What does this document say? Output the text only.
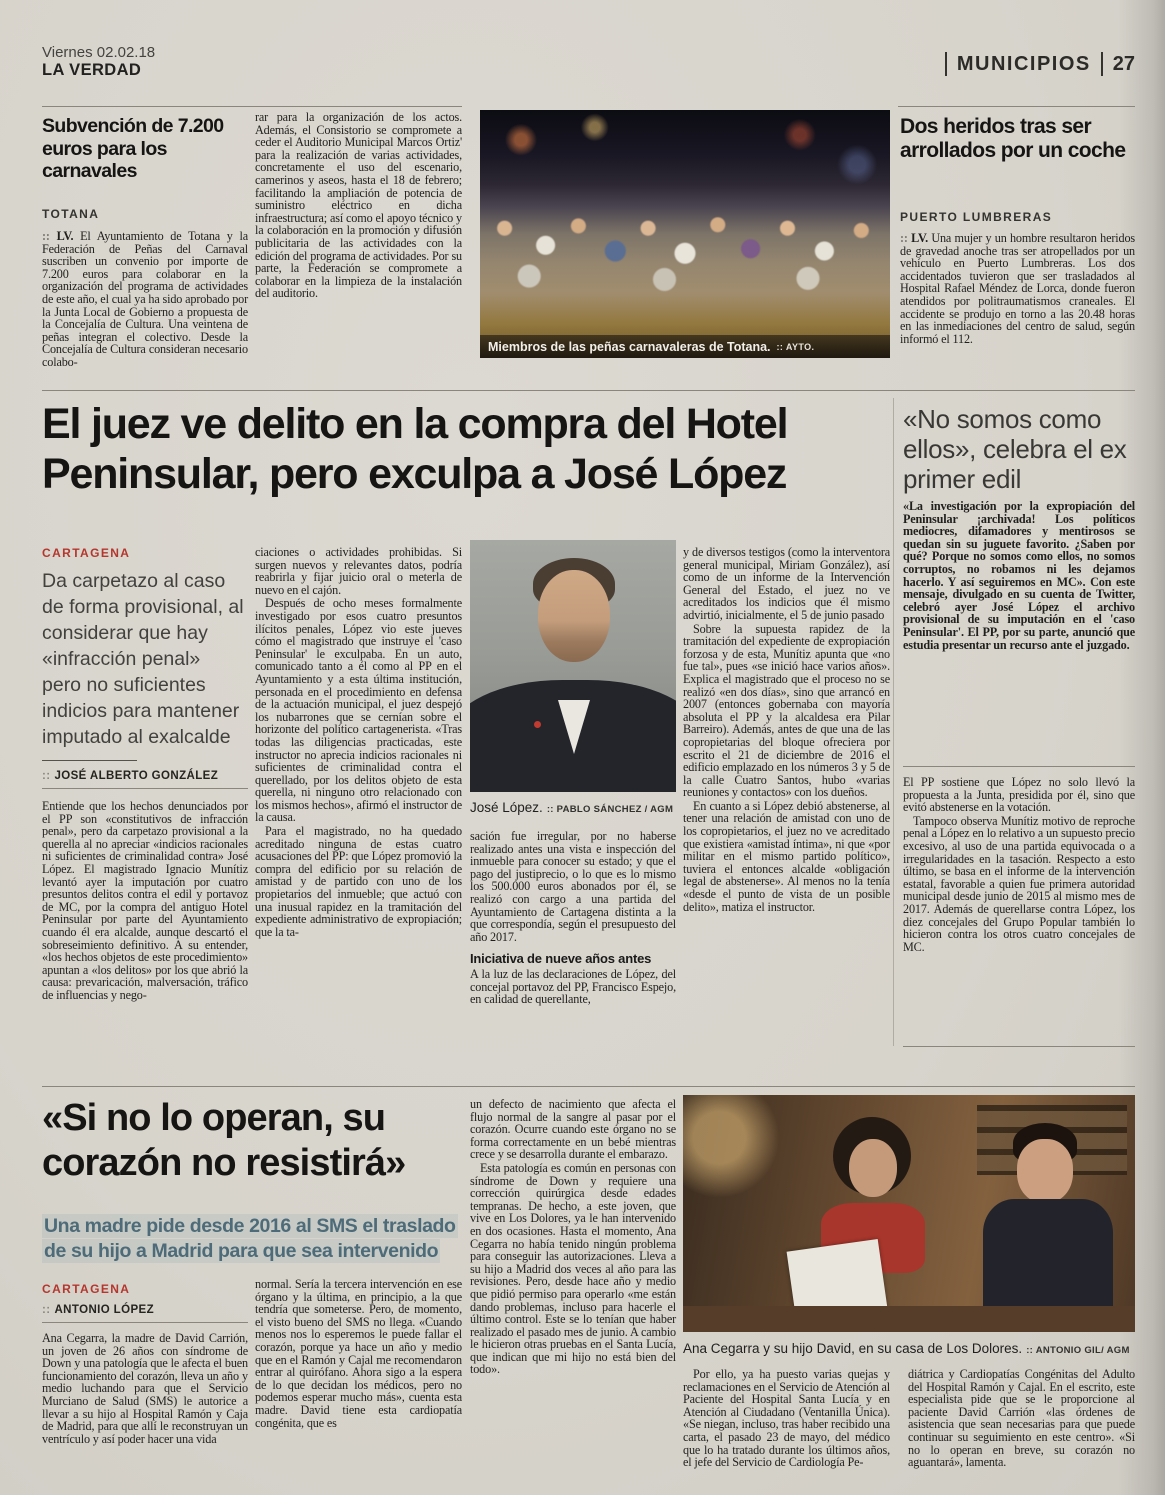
Viernes 02.02.18
LA VERDAD	MUNICIPIOS 27
Subvención de 7.200 euros para los carnavales
TOTANA

:: LV. El Ayuntamiento de Totana y la Federación de Peñas del Carnaval suscriben un convenio por importe de 7.200 euros para colaborar en la organización del programa de actividades de este año, el cual ya ha sido aprobado por la Junta Local de Gobierno a propuesta de la Concejalía de Cultura. Una veintena de peñas integran el colectivo. Desde la Concejalía de Cultura consideran necesario colabo-

rar para la organización de los actos. Además, el Consistorio se compromete a ceder el Auditorio Municipal Marcos Ortiz' para la realización de varias actividades, concretamente el uso del escenario, camerinos y aseos, hasta el 18 de febrero; facilitando la ampliación de potencia de suministro eléctrico en dicha infraestructura; así como el apoyo técnico y la colaboración en la promoción y difusión publicitaria de las actividades con la edición del programa de actividades. Por su parte, la Federación se compromete a colaborar en la limpieza de la instalación del auditorio.

Miembros de las peñas carnavaleras de Totana. :: AYTO.
Dos heridos tras ser arrollados por un coche
PUERTO LUMBRERAS

:: LV. Una mujer y un hombre resultaron heridos de gravedad anoche tras ser atropellados por un vehículo en Puerto Lumbreras. Los dos accidentados tuvieron que ser trasladados al Hospital Rafael Méndez de Lorca, donde fueron atendidos por politraumatismos craneales. El accidente se produjo en torno a las 20.48 horas en las inmediaciones del centro de salud, según informó el 112.

El juez ve delito en la compra del Hotel Peninsular, pero exculpa a José López
«No somos como ellos», celebra el ex primer edil

«La investigación por la expropiación del Peninsular ¡archivada! Los políticos mediocres, difamadores y mentirosos se quedan sin su juguete favorito. ¿Saben por qué? Porque no somos como ellos, no somos corruptos, no robamos ni les dejamos hacerlo. Y así seguiremos en MC». Con este mensaje, divulgado en su cuenta de Twitter, celebró ayer José López el archivo provisional de su imputación en el 'caso Peninsular'. El PP, por su parte, anunció que estudia presentar un recurso ante el juzgado.

El PP sostiene que López no solo llevó la propuesta a la Junta, presidida por él, sino que evitó abstenerse en la votación.

Tampoco observa Munítiz motivo de reproche penal a López en lo relativo a un supuesto precio excesivo, al uso de una partida equivocada o a irregularidades en la tasación. Respecto a esto último, se basa en el informe de la intervención estatal, favorable a quien fue primera autoridad municipal desde junio de 2015 al mismo mes de 2017. Además de querellarse contra López, los diez concejales del Grupo Popular también lo hicieron contra los otros cuatro concejales de MC.

CARTAGENA
Da carpetazo al caso de forma provisional, al considerar que hay «infracción penal» pero no suficientes indicios para mantener imputado al exalcalde
:: JOSÉ ALBERTO GONZÁLEZ

Entiende que los hechos denunciados por el PP son «constitutivos de infracción penal», pero da carpetazo provisional a la querella al no apreciar «indicios racionales ni suficientes de criminalidad contra» José López. El magistrado Ignacio Munítiz levantó ayer la imputación por cuatro presuntos delitos contra el edil y portavoz de MC, por la compra del antiguo Hotel Peninsular por parte del Ayuntamiento cuando él era alcalde, aunque descartó el sobreseimiento definitivo. A su entender, «los hechos objetos de este procedimiento» apuntan a «los delitos» por los que abrió la causa: prevaricación, malversación, tráfico de influencias y nego-

ciaciones o actividades prohibidas. Si surgen nuevos y relevantes datos, podría reabrirla y fijar juicio oral o meterla de nuevo en el cajón.

Después de ocho meses formalmente investigado por esos cuatro presuntos ilícitos penales, López vio este jueves cómo el magistrado que instruye el 'caso Peninsular' le exculpaba. En un auto, comunicado tanto a él como al PP en el Ayuntamiento y a esta última institución, personada en el procedimiento en defensa de la actuación municipal, el juez despejó los nubarrones que se cernían sobre el horizonte del político cartagenerista. «Tras todas las diligencias practicadas, este instructor no aprecia indicios racionales ni suficientes de criminalidad contra el querellado, por los delitos objeto de esta querella, ni ninguno otro relacionado con los mismos hechos», afirmó el instructor de la causa.

Para el magistrado, no ha quedado acreditado ninguna de estas cuatro acusaciones del PP: que López promovió la compra del edificio por su relación de amistad y de partido con uno de los propietarios del inmueble; que actuó con una inusual rapidez en la tramitación del expediente administrativo de expropiación; que la ta-

José López. :: PABLO SÁNCHEZ / AGM

sación fue irregular, por no haberse realizado antes una vista e inspección del inmueble para conocer su estado; y que el pago del justiprecio, o lo que es lo mismo los 500.000 euros abonados por él, se realizó con cargo a una partida del Ayuntamiento de Cartagena distinta a la que correspondía, según el presupuesto del año 2017.

Iniciativa de nueve años antes

A la luz de las declaraciones de López, del concejal portavoz del PP, Francisco Espejo, en calidad de querellante,

y de diversos testigos (como la interventora general municipal, Miriam González), así como de un informe de la Intervención General del Estado, el juez no ve acreditados los indicios que él mismo advirtió, inicialmente, el 5 de junio pasado

Sobre la supuesta rapidez de la tramitación del expediente de expropiación forzosa y de esta, Munítiz apunta que «no fue tal», pues «se inició hace varios años». Explica el magistrado que el proceso no se realizó «en dos días», sino que arrancó en 2007 (entonces gobernaba con mayoría absoluta el PP y la alcaldesa era Pilar Barreiro). Además, antes de que una de las copropietarias del bloque ofreciera por escrito el 21 de diciembre de 2016 el edificio emplazado en los números 3 y 5 de la calle Cuatro Santos, hubo «varias reuniones y contactos» con los dueños.

En cuanto a si López debió abstenerse, al tener una relación de amistad con uno de los copropietarios, el juez no ve acreditado que existiera «amistad íntima», ni que «por militar en el mismo partido político», tuviera el entonces alcalde «obligación legal de abstenerse». Al menos no la tenía «desde el punto de vista de un posible delito», matiza el instructor.

«Si no lo operan, su corazón no resistirá»
Una madre pide desde 2016 al SMS el traslado de su hijo a Madrid para que sea intervenido
CARTAGENA
:: ANTONIO LÓPEZ

Ana Cegarra, la madre de David Carrión, un joven de 26 años con síndrome de Down y una patología que le afecta el buen funcionamiento del corazón, lleva un año y medio luchando para que el Servicio Murciano de Salud (SMS) le autorice a llevar a su hijo al Hospital Ramón y Caja de Madrid, para que allí le reconstruyan un ventrículo y así poder hacer una vida

normal. Sería la tercera intervención en ese órgano y la última, en principio, a la que tendría que someterse. Pero, de momento, el visto bueno del SMS no llega. «Cuando menos nos lo esperemos le puede fallar el corazón, porque ya hace un año y medio que en el Ramón y Cajal me recomendaron entrar al quirófano. Ahora sigo a la espera de lo que decidan los médicos, pero no podemos esperar mucho más», cuenta esta madre. David tiene esta cardiopatía congénita, que es

un defecto de nacimiento que afecta el flujo normal de la sangre al pasar por el corazón. Ocurre cuando este órgano no se forma correctamente en un bebé mientras crece y se desarrolla durante el embarazo.

Esta patología es común en personas con síndrome de Down y requiere una corrección quirúrgica desde edades tempranas. De hecho, a este joven, que vive en Los Dolores, ya le han intervenido en dos ocasiones. Hasta el momento, Ana Cegarra no había tenido ningún problema para conseguir las autorizaciones. Lleva a su hijo a Madrid dos veces al año para las revisiones. Pero, desde hace año y medio que pidió permiso para operarlo «me están dando problemas, incluso para hacerle el último control. Este se lo tenían que haber realizado el pasado mes de junio. A cambio le hicieron otras pruebas en el Santa Lucía, que indican que mi hijo no está bien del todo».

Ana Cegarra y su hijo David, en su casa de Los Dolores. :: ANTONIO GIL/ AGM

Por ello, ya ha puesto varias quejas y reclamaciones en el Servicio de Atención al Paciente del Hospital Santa Lucía y en Atención al Ciudadano (Ventanilla Única). «Se niegan, incluso, tras haber recibido una carta, el pasado 23 de mayo, del médico que lo ha tratado durante los últimos años, el jefe del Servicio de Cardiología Pe-

diátrica y Cardiopatías Congénitas del Adulto del Hospital Ramón y Cajal. En el escrito, este especialista pide que se le proporcione al paciente David Carrión «las órdenes de asistencia que sean necesarias para que puede continuar su seguimiento en este centro». «Si no lo operan en breve, su corazón no aguantará», lamenta.
